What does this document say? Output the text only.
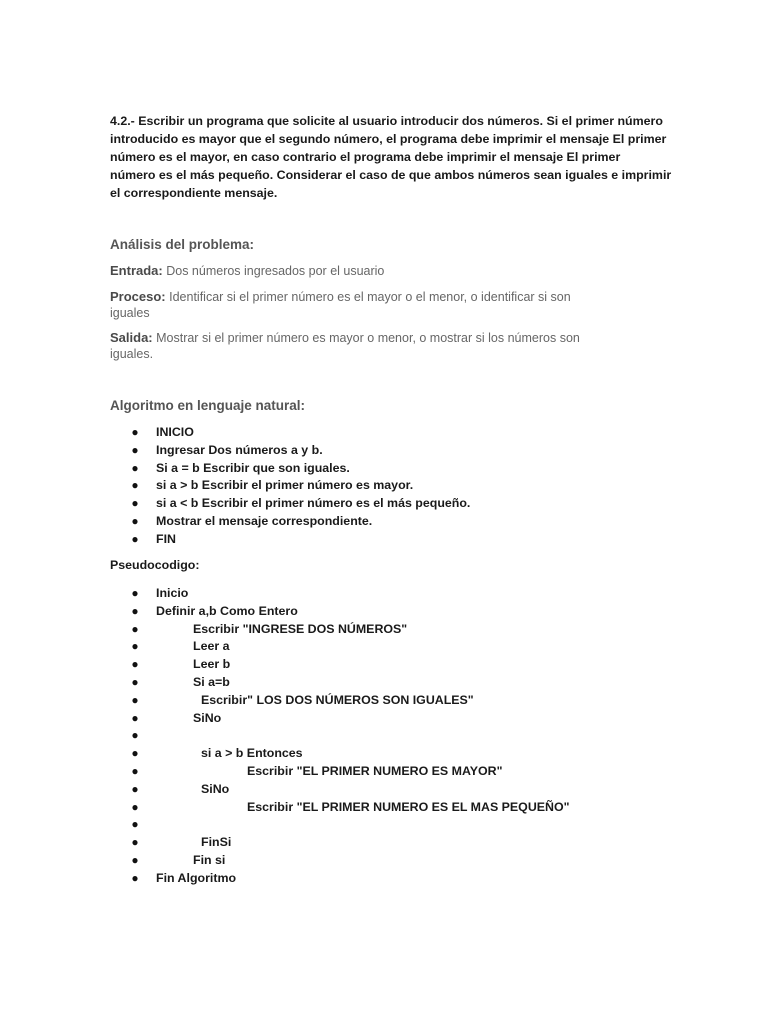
4.2.- Escribir un programa que solicite al usuario introducir dos números. Si el primer número
introducido es mayor que el segundo número, el programa debe imprimir el mensaje El primer
número es el mayor, en caso contrario el programa debe imprimir el mensaje El primer
número es el más pequeño. Considerar el caso de que ambos números sean iguales e imprimir
el correspondiente mensaje.

Análisis del problema:

Entrada: Dos números ingresados por el usuario

Proceso: Identificar si el primer número es el mayor o el menor, o identificar si son
iguales

Salida: Mostrar si el primer número es mayor o menor, o mostrar si los números son
iguales.

Algoritmo en lenguaje natural:
● INICIO
● Ingresar Dos números a y b.
● Si a = b Escribir que son iguales.
● si a > b Escribir el primer número es mayor.
● si a < b Escribir el primer número es el más pequeño.
● Mostrar el mensaje correspondiente.
● FIN

Pseudocodigo:

● Inicio
● Definir a,b Como Entero
●	Escribir "INGRESE DOS NÚMEROS"
●	Leer a
●	Leer b
●	Si a=b
●	Escribir" LOS DOS NÚMEROS SON IGUALES"
●	SiNo
●
●	si a > b Entonces
●	Escribir "EL PRIMER NUMERO ES MAYOR"
●	SiNo
●	Escribir "EL PRIMER NUMERO ES EL MAS PEQUEÑO"
●
●	FinSi
●	Fin si
● Fin Algoritmo
